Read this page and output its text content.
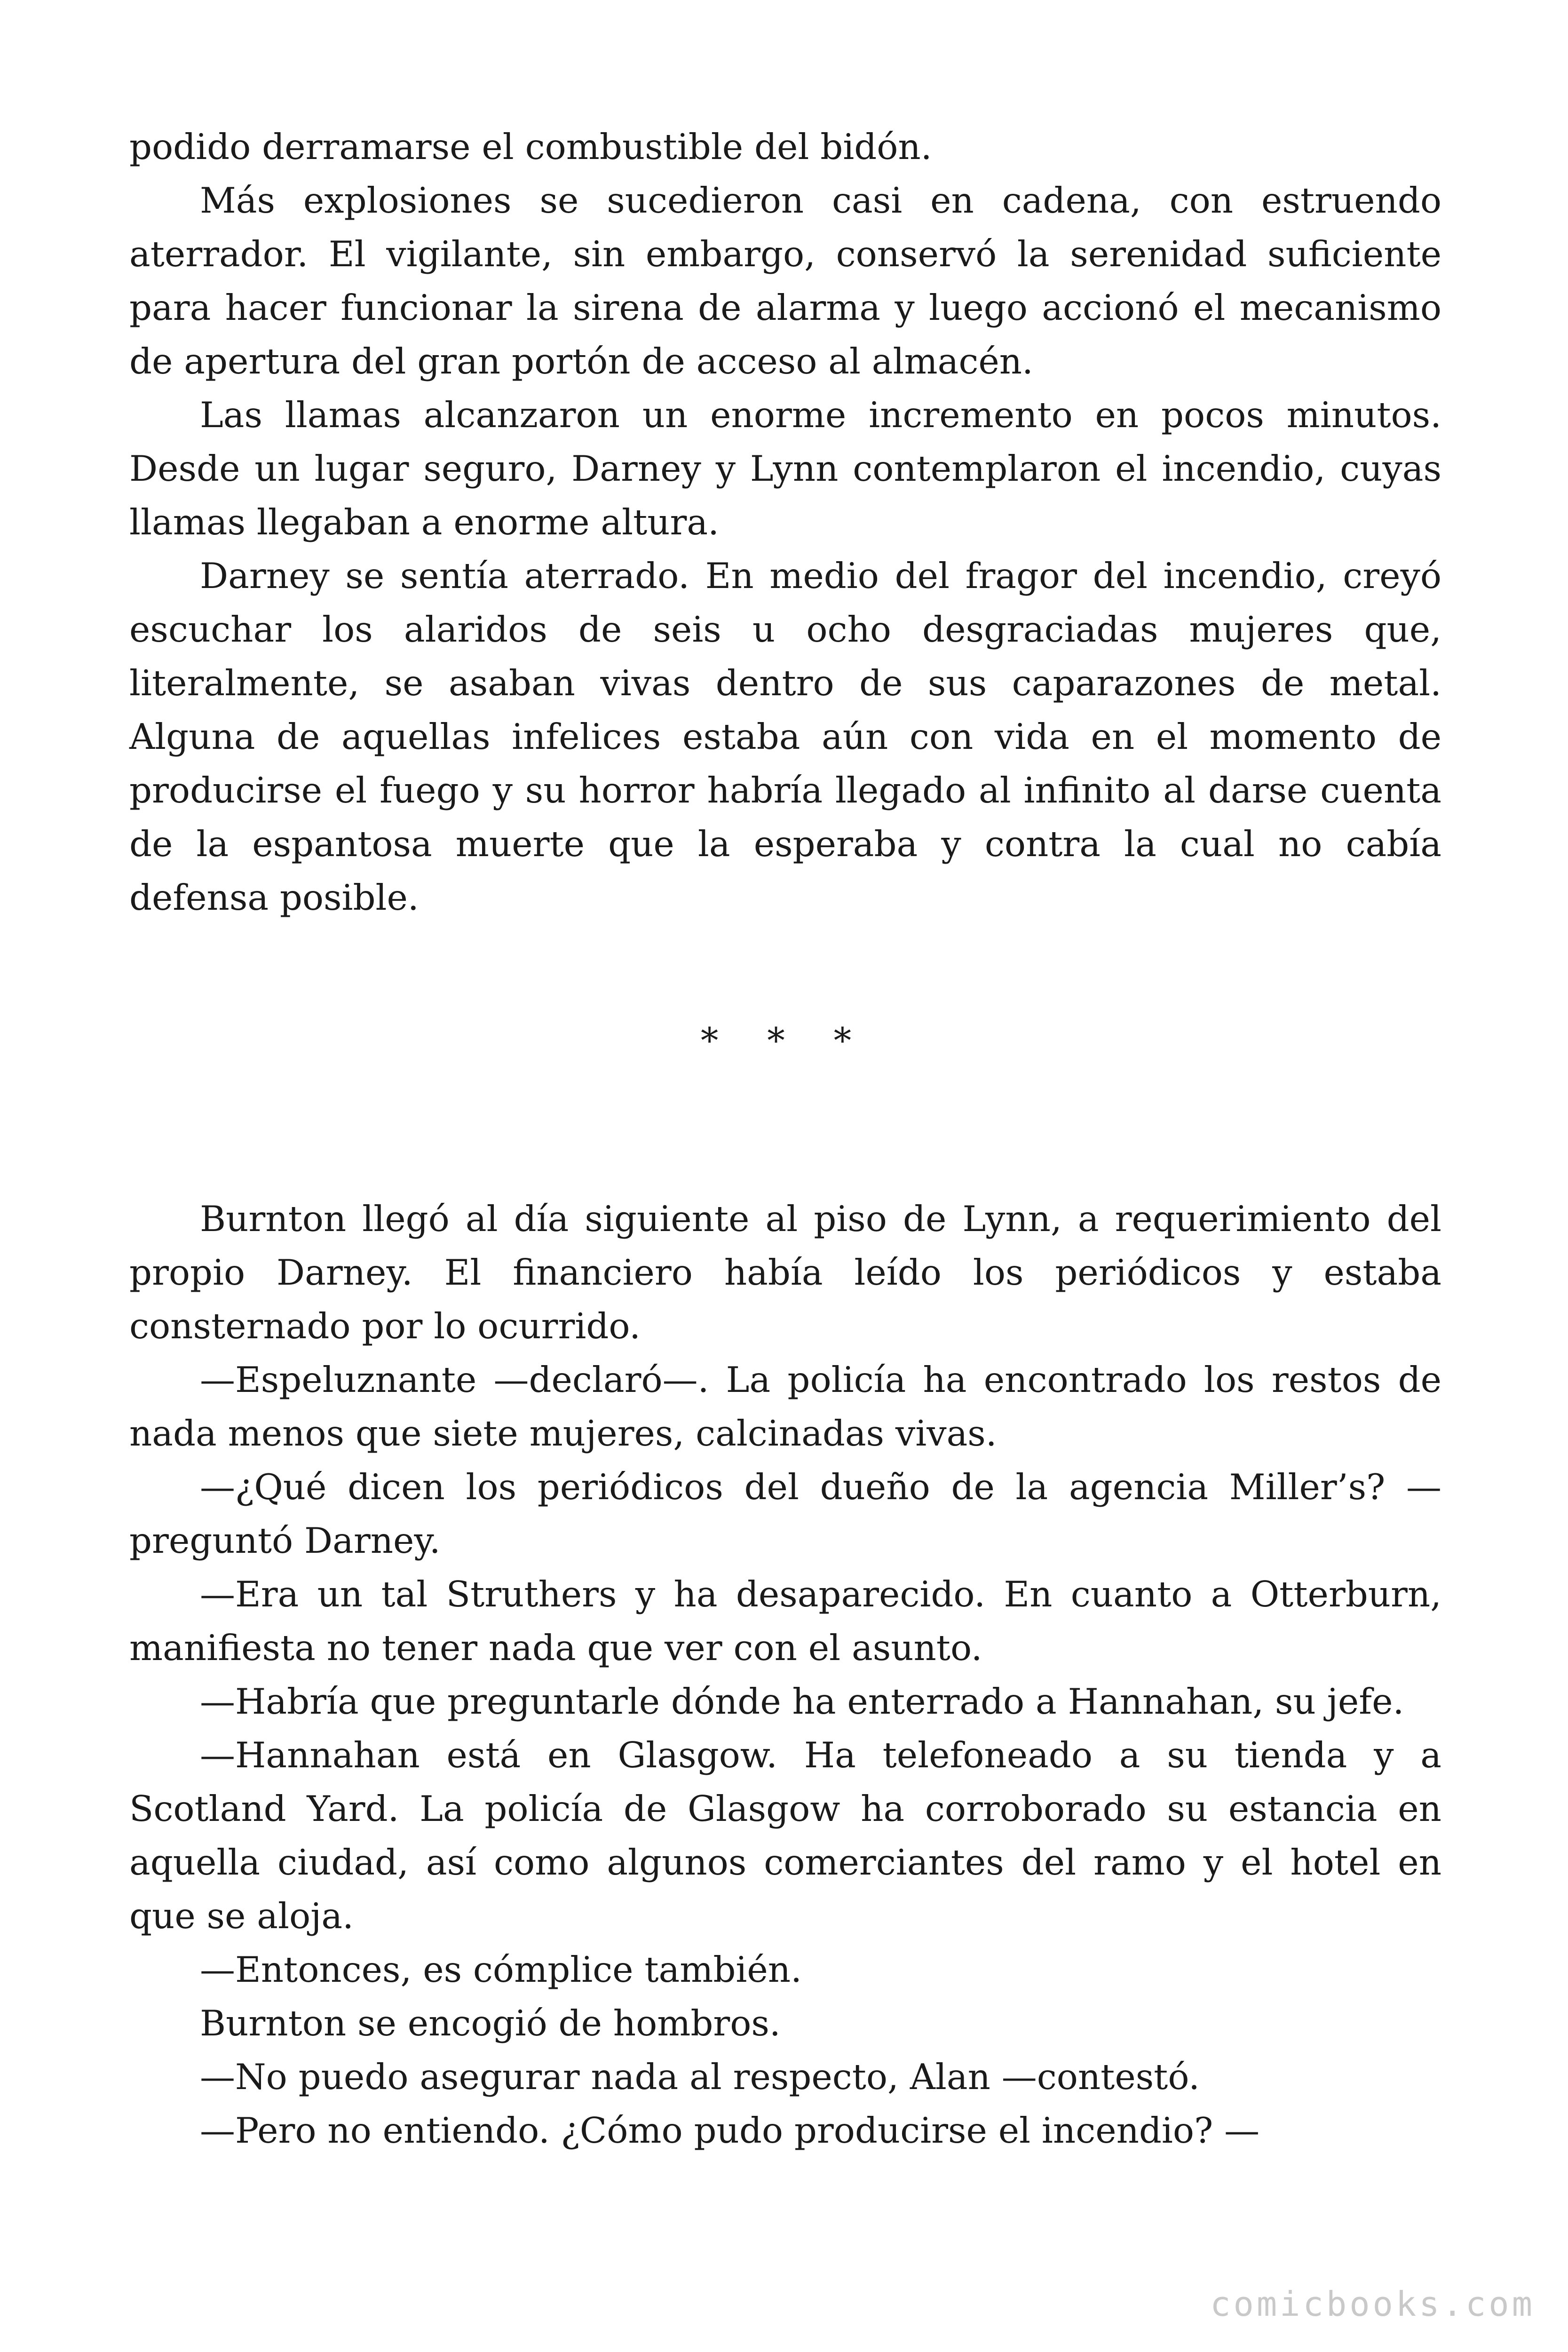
podido derramarse el combustible del bidón.

Más explosiones se sucedieron casi en cadena, con estruendo aterrador. El vigilante, sin embargo, conservó la serenidad suficiente para hacer funcionar la sirena de alarma y luego accionó el mecanismo de apertura del gran portón de acceso al almacén.

Las llamas alcanzaron un enorme incremento en pocos minutos. Desde un lugar seguro, Darney y Lynn contemplaron el incendio, cuyas llamas llegaban a enorme altura.

Darney se sentía aterrado. En medio del fragor del incendio, creyó escuchar los alaridos de seis u ocho desgraciadas mujeres que, literalmente, se asaban vivas dentro de sus caparazones de metal. Alguna de aquellas infelices estaba aún con vida en el momento de producirse el fuego y su horror habría llegado al infinito al darse cuenta de la espantosa muerte que la esperaba y contra la cual no cabía defensa posible.

* * *

Burnton llegó al día siguiente al piso de Lynn, a requerimiento del propio Darney. El financiero había leído los periódicos y estaba consternado por lo ocurrido.

—Espeluznante —declaró—. La policía ha encontrado los restos de nada menos que siete mujeres, calcinadas vivas.

—¿Qué dicen los periódicos del dueño de la agencia Miller’s? —preguntó Darney.

—Era un tal Struthers y ha desaparecido. En cuanto a Otterburn, manifiesta no tener nada que ver con el asunto.

—Habría que preguntarle dónde ha enterrado a Hannahan, su jefe.

—Hannahan está en Glasgow. Ha telefoneado a su tienda y a Scotland Yard. La policía de Glasgow ha corroborado su estancia en aquella ciudad, así como algunos comerciantes del ramo y el hotel en que se aloja.

—Entonces, es cómplice también.

Burnton se encogió de hombros.

—No puedo asegurar nada al respecto, Alan —contestó.

—Pero no entiendo. ¿Cómo pudo producirse el incendio? —

comicbooks.com
